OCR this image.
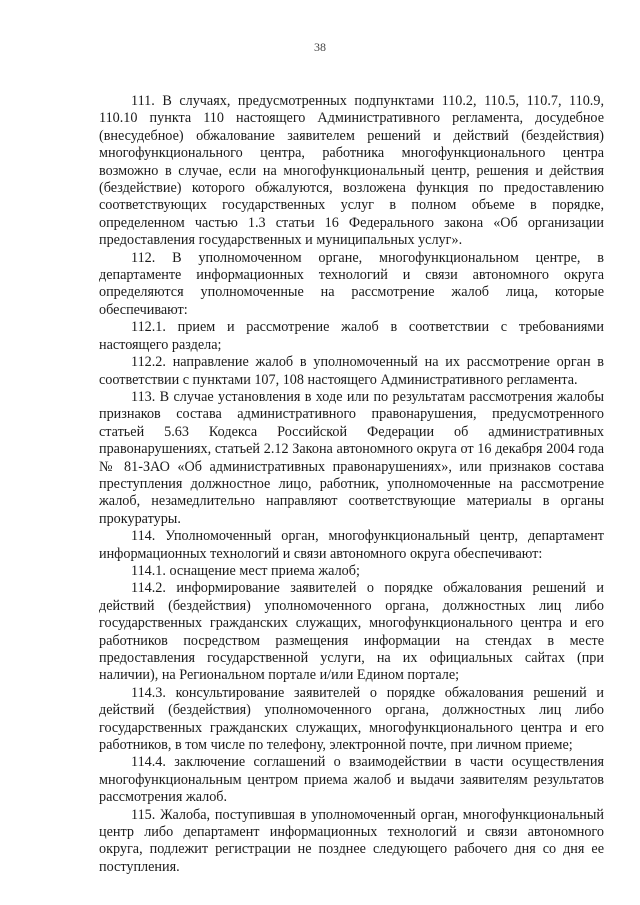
38

111. В случаях, предусмотренных подпунктами 110.2, 110.5, 110.7, 110.9, 110.10 пункта 110 настоящего Административного регламента, досудебное (внесудебное) обжалование заявителем решений и действий (бездействия) многофункционального центра, работника многофункционального центра возможно в случае, если на многофункциональный центр, решения и действия (бездействие) которого обжалуются, возложена функция по предоставлению соответствующих государственных услуг в полном объеме в порядке, определенном частью 1.3 статьи 16 Федерального закона «Об организации предоставления государственных и муниципальных услуг».

112. В уполномоченном органе, многофункциональном центре, в департаменте информационных технологий и связи автономного округа определяются уполномоченные на рассмотрение жалоб лица, которые обеспечивают:

112.1. прием и рассмотрение жалоб в соответствии с требованиями настоящего раздела;

112.2. направление жалоб в уполномоченный на их рассмотрение орган в соответствии с пунктами 107, 108 настоящего Административного регламента.

113. В случае установления в ходе или по результатам рассмотрения жалобы признаков состава административного правонарушения, предусмотренного статьей 5.63 Кодекса Российской Федерации об административных правонарушениях, статьей 2.12 Закона автономного округа от 16 декабря 2004 года № 81-ЗАО «Об административных правонарушениях», или признаков состава преступления должностное лицо, работник, уполномоченные на рассмотрение жалоб, незамедлительно направляют соответствующие материалы в органы прокуратуры.

114. Уполномоченный орган, многофункциональный центр, департамент информационных технологий и связи автономного округа обеспечивают:

114.1. оснащение мест приема жалоб;

114.2. информирование заявителей о порядке обжалования решений и действий (бездействия) уполномоченного органа, должностных лиц либо государственных гражданских служащих, многофункционального центра и его работников посредством размещения информации на стендах в месте предоставления государственной услуги, на их официальных сайтах (при наличии), на Региональном портале и/или Едином портале;

114.3. консультирование заявителей о порядке обжалования решений и действий (бездействия) уполномоченного органа, должностных лиц либо государственных гражданских служащих, многофункционального центра и его работников, в том числе по телефону, электронной почте, при личном приеме;

114.4. заключение соглашений о взаимодействии в части осуществления многофункциональным центром приема жалоб и выдачи заявителям результатов рассмотрения жалоб.

115. Жалоба, поступившая в уполномоченный орган, многофункциональный центр либо департамент информационных технологий и связи автономного округа, подлежит регистрации не позднее следующего рабочего дня со дня ее поступления.
